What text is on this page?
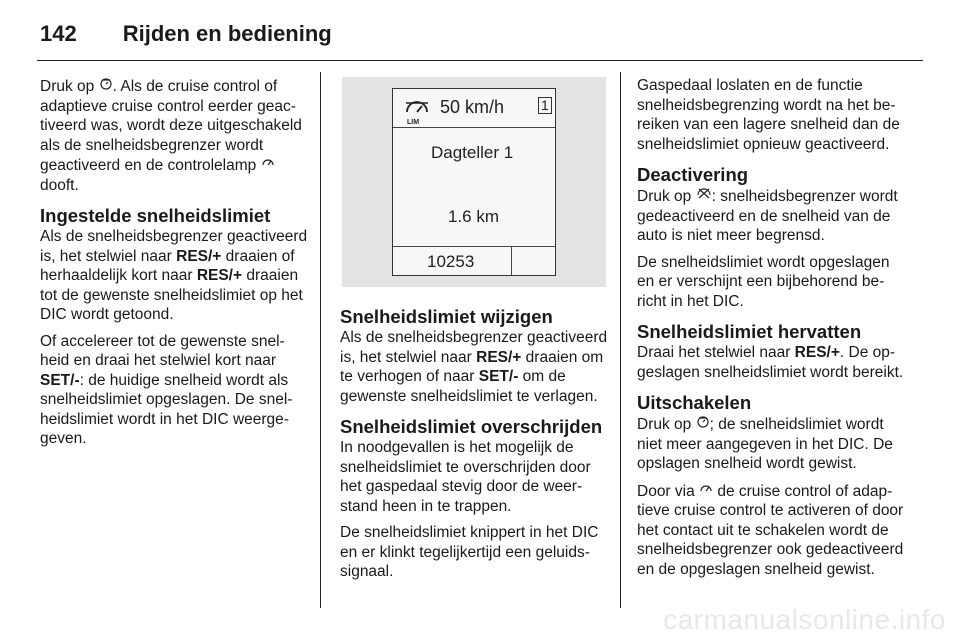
142 Rijden en bediening

Druk op . Als de cruise control of adaptieve cruise control eerder geactiveerd was, wordt deze uitgeschakeld als de snelheidsbegrenzer wordt geactiveerd en de controlelamp  dooft.

Ingestelde snelheidslimiet

Als de snelheidsbegrenzer geactiveerd is, het stelwiel naar RES/+ draaien of herhaaldelijk kort naar RES/+ draaien tot de gewenste snelheidslimiet op het DIC wordt getoond.

Of accelereer tot de gewenste snelheid en draai het stelwiel kort naar SET/-: de huidige snelheid wordt als snelheidslimiet opgeslagen. De snelheidslimiet wordt in het DIC weergegeven.

LIM
50 km/h	1
Dagteller 1
1.6 km
10253
Snelheidslimiet wijzigen

Als de snelheidsbegrenzer geactiveerd is, het stelwiel naar RES/+ draaien om te verhogen of naar SET/- om de gewenste snelheidslimiet te verlagen.

Snelheidslimiet overschrijden

In noodgevallen is het mogelijk de snelheidslimiet te overschrijden door het gaspedaal stevig door de weerstand heen in te trappen.

De snelheidslimiet knippert in het DIC en er klinkt tegelijkertijd een geluidssignaal.

Gaspedaal loslaten en de functie snelheidsbegrenzing wordt na het bereiken van een lagere snelheid dan de snelheidslimiet opnieuw geactiveerd.

Deactivering

Druk op : snelheidsbegrenzer wordt gedeactiveerd en de snelheid van de auto is niet meer begrensd.

De snelheidslimiet wordt opgeslagen en er verschijnt een bijbehorend bericht in het DIC.

Snelheidslimiet hervatten

Draai het stelwiel naar RES/+. De opgeslagen snelheidslimiet wordt bereikt.

Uitschakelen

Druk op ; de snelheidslimiet wordt niet meer aangegeven in het DIC. De opslagen snelheid wordt gewist.

Door via  de cruise control of adaptieve cruise control te activeren of door het contact uit te schakelen wordt de snelheidsbegrenzer ook gedeactiveerd en de opgeslagen snelheid gewist.

carmanualsonline.info
